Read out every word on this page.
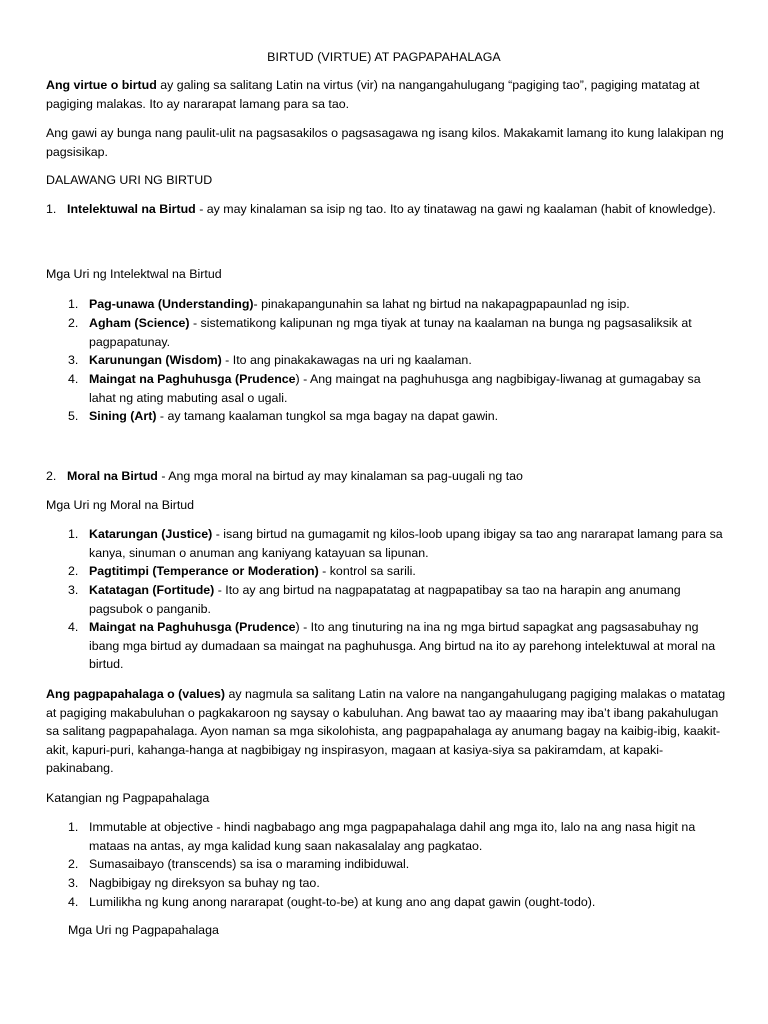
BIRTUD (VIRTUE) AT PAGPAPAHALAGA

Ang virtue o birtud ay galing sa salitang Latin na virtus (vir) na nangangahulugang “pagiging tao”, pagiging matatag at pagiging malakas. Ito ay nararapat lamang para sa tao.

Ang gawi ay bunga nang paulit-ulit na pagsasakilos o pagsasagawa ng isang kilos. Makakamit lamang ito kung lalakipan ng pagsisikap.

DALAWANG URI NG BIRTUD

1. Intelektuwal na Birtud - ay may kinalaman sa isip ng tao. Ito ay tinatawag na gawi ng kaalaman (habit of knowledge).

Mga Uri ng Intelektwal na Birtud

1. Pag-unawa (Understanding)- pinakapangunahin sa lahat ng birtud na nakapagpapaunlad ng isip.
2. Agham (Science) - sistematikong kalipunan ng mga tiyak at tunay na kaalaman na bunga ng pagsasaliksik at pagpapatunay.
3. Karunungan (Wisdom) - Ito ang pinakakawagas na uri ng kaalaman.
4. Maingat na Paghuhusga (Prudence) - Ang maingat na paghuhusga ang nagbibigay-liwanag at gumagabay sa lahat ng ating mabuting asal o ugali.
5. Sining (Art) - ay tamang kaalaman tungkol sa mga bagay na dapat gawin.
2. Moral na Birtud - Ang mga moral na birtud ay may kinalaman sa pag-uugali ng tao

Mga Uri ng Moral na Birtud

1. Katarungan (Justice) - isang birtud na gumagamit ng kilos-loob upang ibigay sa tao ang nararapat lamang para sa kanya, sinuman o anuman ang kaniyang katayuan sa lipunan.
2. Pagtitimpi (Temperance or Moderation) - kontrol sa sarili.
3. Katatagan (Fortitude) - Ito ay ang birtud na nagpapatatag at nagpapatibay sa tao na harapin ang anumang pagsubok o panganib.
4. Maingat na Paghuhusga (Prudence) - Ito ang tinuturing na ina ng mga birtud sapagkat ang pagsasabuhay ng ibang mga birtud ay dumadaan sa maingat na paghuhusga. Ang birtud na ito ay parehong intelektuwal at moral na birtud.

Ang pagpapahalaga o (values) ay nagmula sa salitang Latin na valore na nangangahulugang pagiging malakas o matatag at pagiging makabuluhan o pagkakaroon ng saysay o kabuluhan. Ang bawat tao ay maaaring may iba’t ibang pakahulugan sa salitang pagpapahalaga. Ayon naman sa mga sikolohista, ang pagpapahalaga ay anumang bagay na kaibig-ibig, kaakit-akit, kapuri-puri, kahanga-hanga at nagbibigay ng inspirasyon, magaan at kasiya-siya sa pakiramdam, at kapaki-pakinabang.

Katangian ng Pagpapahalaga

1. Immutable at objective - hindi nagbabago ang mga pagpapahalaga dahil ang mga ito, lalo na ang nasa higit na mataas na antas, ay mga kalidad kung saan nakasalalay ang pagkatao.
2. Sumasaibayo (transcends) sa isa o maraming indibiduwal.
3. Nagbibigay ng direksyon sa buhay ng tao.
4. Lumilikha ng kung anong nararapat (ought-to-be) at kung ano ang dapat gawin (ought-todo).

Mga Uri ng Pagpapahalaga
